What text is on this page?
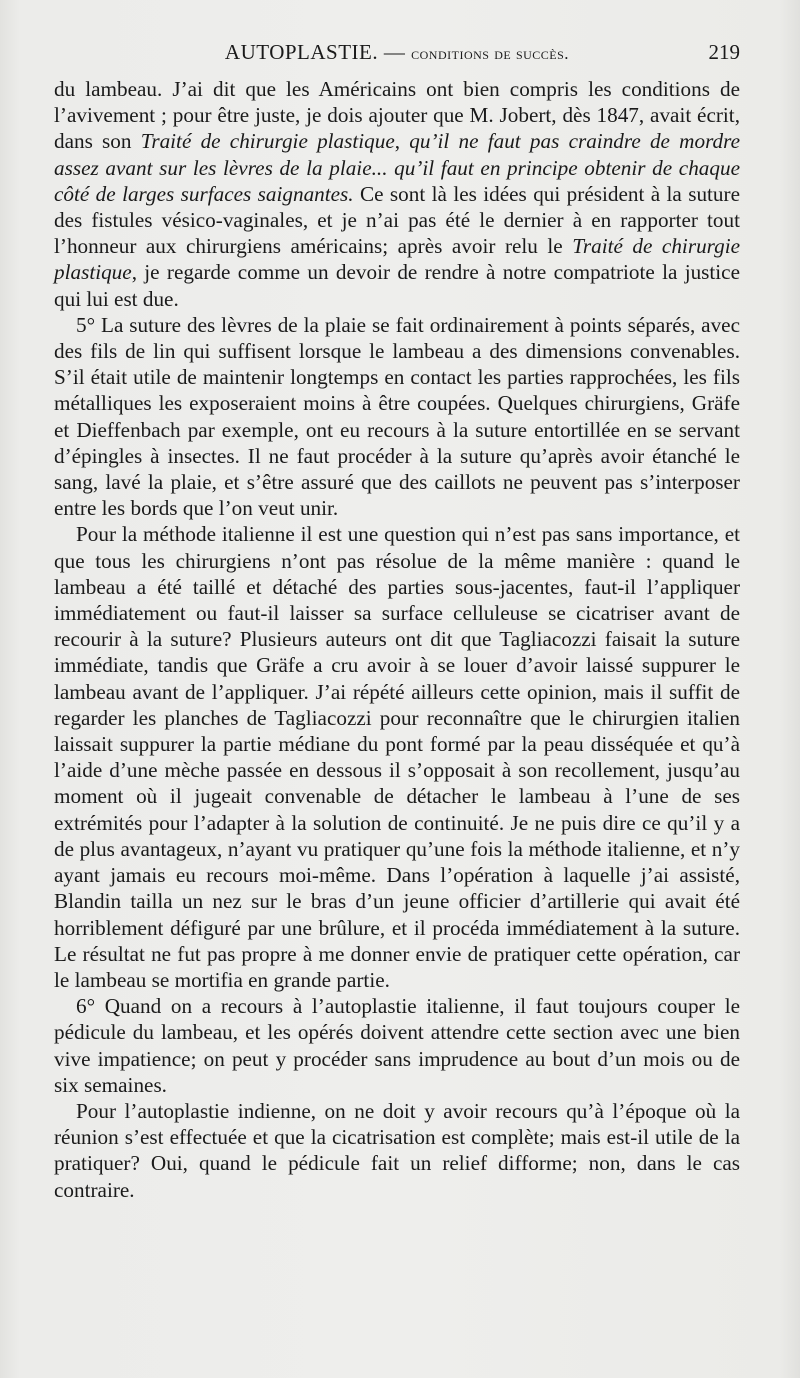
AUTOPLASTIE. — conditions de succès.	219

du lambeau. J’ai dit que les Américains ont bien compris les conditions de l’avivement ; pour être juste, je dois ajouter que M. Jobert, dès 1847, avait écrit, dans son Traité de chirurgie plastique, qu’il ne faut pas craindre de mordre assez avant sur les lèvres de la plaie... qu’il faut en principe obtenir de chaque côté de larges surfaces saignantes. Ce sont là les idées qui président à la suture des fistules vésico-vaginales, et je n’ai pas été le dernier à en rapporter tout l’honneur aux chirurgiens américains; après avoir relu le Traité de chirurgie plastique, je regarde comme un devoir de rendre à notre compatriote la justice qui lui est due.

5° La suture des lèvres de la plaie se fait ordinairement à points séparés, avec des fils de lin qui suffisent lorsque le lambeau a des dimensions convenables. S’il était utile de maintenir longtemps en contact les parties rapprochées, les fils métalliques les exposeraient moins à être coupées. Quelques chirurgiens, Gräfe et Dieffenbach par exemple, ont eu recours à la suture entortillée en se servant d’épingles à insectes. Il ne faut procéder à la suture qu’après avoir étanché le sang, lavé la plaie, et s’être assuré que des caillots ne peuvent pas s’interposer entre les bords que l’on veut unir.

Pour la méthode italienne il est une question qui n’est pas sans importance, et que tous les chirurgiens n’ont pas résolue de la même manière : quand le lambeau a été taillé et détaché des parties sous-jacentes, faut-il l’appliquer immédiatement ou faut-il laisser sa surface celluleuse se cicatriser avant de recourir à la suture? Plusieurs auteurs ont dit que Tagliacozzi faisait la suture immédiate, tandis que Gräfe a cru avoir à se louer d’avoir laissé suppurer le lambeau avant de l’appliquer. J’ai répété ailleurs cette opinion, mais il suffit de regarder les planches de Tagliacozzi pour reconnaître que le chirurgien italien laissait suppurer la partie médiane du pont formé par la peau disséquée et qu’à l’aide d’une mèche passée en dessous il s’opposait à son recollement, jusqu’au moment où il jugeait convenable de détacher le lambeau à l’une de ses extrémités pour l’adapter à la solution de continuité. Je ne puis dire ce qu’il y a de plus avantageux, n’ayant vu pratiquer qu’une fois la méthode italienne, et n’y ayant jamais eu recours moi-même. Dans l’opération à laquelle j’ai assisté, Blandin tailla un nez sur le bras d’un jeune officier d’artillerie qui avait été horriblement défiguré par une brûlure, et il procéda immédiatement à la suture. Le résultat ne fut pas propre à me donner envie de pratiquer cette opération, car le lambeau se mortifia en grande partie.

6° Quand on a recours à l’autoplastie italienne, il faut toujours couper le pédicule du lambeau, et les opérés doivent attendre cette section avec une bien vive impatience; on peut y procéder sans imprudence au bout d’un mois ou de six semaines.

Pour l’autoplastie indienne, on ne doit y avoir recours qu’à l’époque où la réunion s’est effectuée et que la cicatrisation est complète; mais est-il utile de la pratiquer? Oui, quand le pédicule fait un relief difforme; non, dans le cas contraire.
